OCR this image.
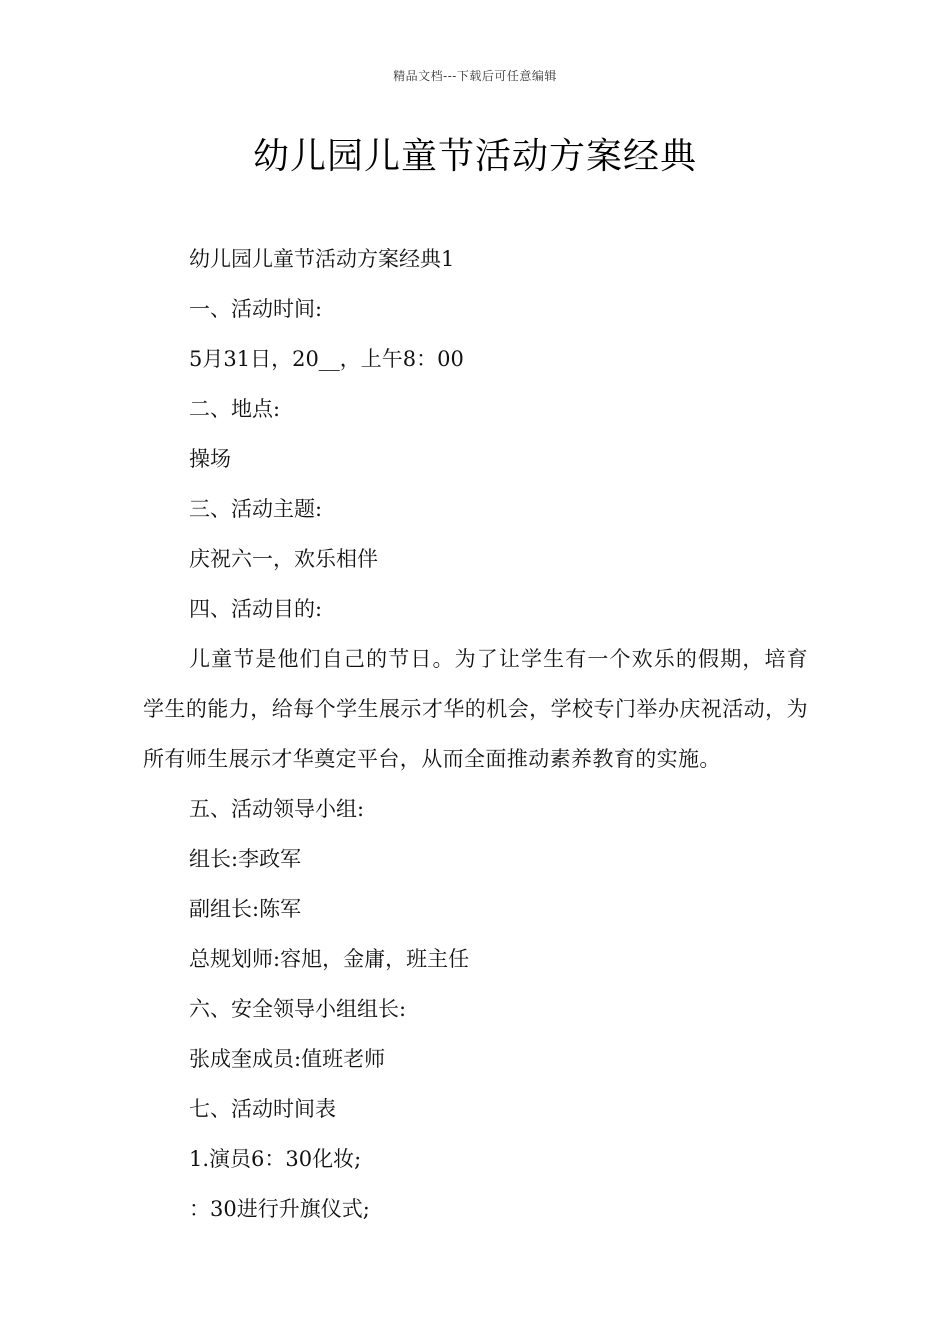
精品文档---下载后可任意编辑
幼儿园儿童节活动方案经典
幼儿园儿童节活动方案经典1
一、活动时间:
5月31日，20__，上午8：00
二、地点:
操场
三、活动主题:
庆祝六一，欢乐相伴
四、活动目的:
儿童节是他们自己的节日。为了让学生有一个欢乐的假期，培育学生的能力，给每个学生展示才华的机会，学校专门举办庆祝活动，为所有师生展示才华奠定平台，从而全面推动素养教育的实施。
五、活动领导小组:
组长:李政军
副组长:陈军
总规划师:容旭，金庸，班主任
六、安全领导小组组长:
张成奎成员:值班老师
七、活动时间表
1.演员6：30化妆;
：30进行升旗仪式;
